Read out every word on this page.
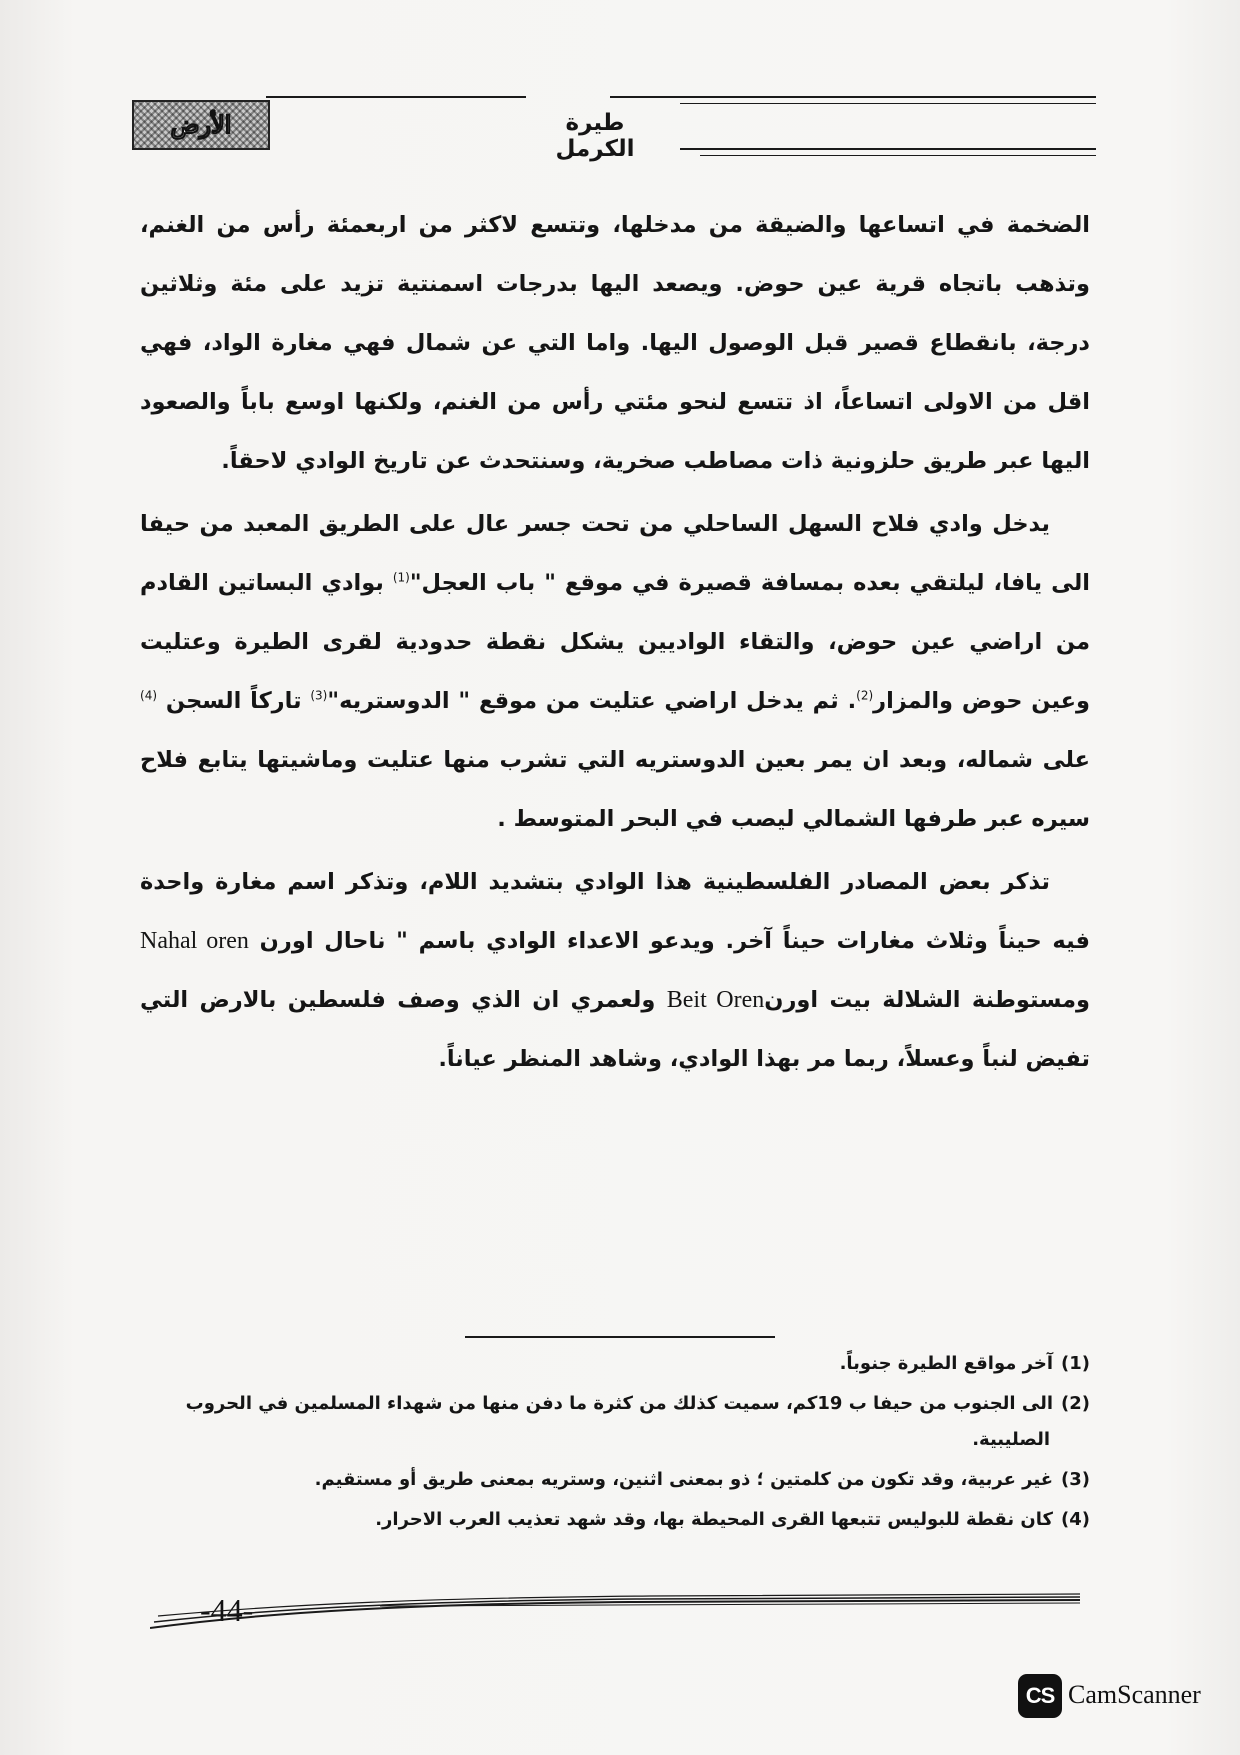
الأرض	طيرة الكرمل

الضخمة في اتساعها والضيقة من مدخلها، وتتسع لاكثر من اربعمئة رأس من الغنم، وتذهب باتجاه قرية عين حوض. ويصعد اليها بدرجات اسمنتية تزيد على مئة وثلاثين درجة، بانقطاع قصير قبل الوصول اليها. واما التي عن شمال فهي مغارة الواد، فهي اقل من الاولى اتساعاً، اذ تتسع لنحو مئتي رأس من الغنم، ولكنها اوسع باباً والصعود اليها عبر طريق حلزونية ذات مصاطب صخرية، وسنتحدث عن تاريخ الوادي لاحقاً.

يدخل وادي فلاح السهل الساحلي من تحت جسر عال على الطريق المعبد من حيفا الى يافا، ليلتقي بعده بمسافة قصيرة في موقع " باب العجل"$^{(1)}$ بوادي البساتين القادم من اراضي عين حوض، والتقاء الواديين يشكل نقطة حدودية لقرى الطيرة وعتليت وعين حوض والمزار$^{(2)}$. ثم يدخل اراضي عتليت من موقع " الدوستريه"$^{(3)}$ تاركاً السجن $^{(4)}$ على شماله، وبعد ان يمر بعين الدوستريه التي تشرب منها عتليت وماشيتها يتابع فلاح سيره عبر طرفها الشمالي ليصب في البحر المتوسط .

تذكر بعض المصادر الفلسطينية هذا الوادي بتشديد اللام، وتذكر اسم مغارة واحدة فيه حيناً وثلاث مغارات حيناً آخر. ويدعو الاعداء الوادي باسم " ناحال اورن Nahal oren ومستوطنة الشلالة بيت اورنBeit Oren ولعمري ان الذي وصف فلسطين بالارض التي تفيض لنباً وعسلاً، ربما مر بهذا الوادي، وشاهد المنظر عياناً.

(1)آخر مواقع الطيرة جنوباً.

(2)الى الجنوب من حيفا ب 19كم، سميت كذلك من كثرة ما دفن منها من شهداء المسلمين في الحروب

الصليبية.

(3)غير عربية، وقد تكون من كلمتين ؛ ذو بمعنى اثنين، وستريه بمعنى طريق أو مستقيم.

(4)كان نقطة للبوليس تتبعها القرى المحيطة بها، وقد شهد تعذيب العرب الاحرار.

-44-
CS CamScanner
